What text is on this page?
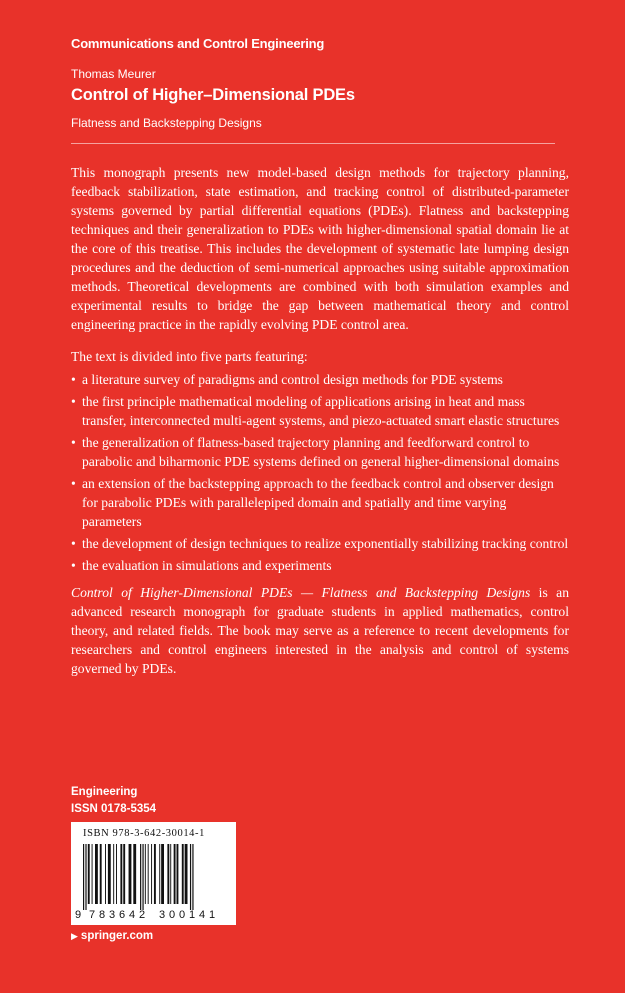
Communications and Control Engineering
Thomas Meurer
Control of Higher–Dimensional PDEs
Flatness and Backstepping Designs

This monograph presents new model-based design methods for trajectory planning, feedback stabilization, state estimation, and tracking control of distributed-parameter systems governed by partial differential equations (PDEs). Flatness and backstepping techniques and their generalization to PDEs with higher-dimensional spatial domain lie at the core of this treatise. This includes the development of systematic late lumping design procedures and the deduction of semi-numerical approaches using suitable approximation methods. Theoretical developments are combined with both simulation examples and experimental results to bridge the gap between mathematical theory and control engineering practice in the rapidly evolving PDE control area.

The text is divided into five parts featuring:

• a literature survey of paradigms and control design methods for PDE systems
• the first principle mathematical modeling of applications arising in heat and mass transfer, interconnected multi-agent systems, and piezo-actuated smart elastic structures
• the generalization of flatness-based trajectory planning and feedforward control to parabolic and biharmonic PDE systems defined on general higher-dimensional domains
• an extension of the backstepping approach to the feedback control and observer design for parabolic PDEs with parallelepiped domain and spatially and time varying parameters
• the development of design techniques to realize exponentially stabilizing tracking control
• the evaluation in simulations and experiments

Control of Higher-Dimensional PDEs — Flatness and Backstepping Designs is an advanced research monograph for graduate students in applied mathematics, control theory, and related fields. The book may serve as a reference to recent developments for researchers and control engineers interested in the analysis and control of systems governed by PDEs.

Engineering
ISSN 0178-5354
ISBN 978-3-642-30014-1
9 7 8 3 6 4 2 3 0 0 1 4 1
▶ springer.com
